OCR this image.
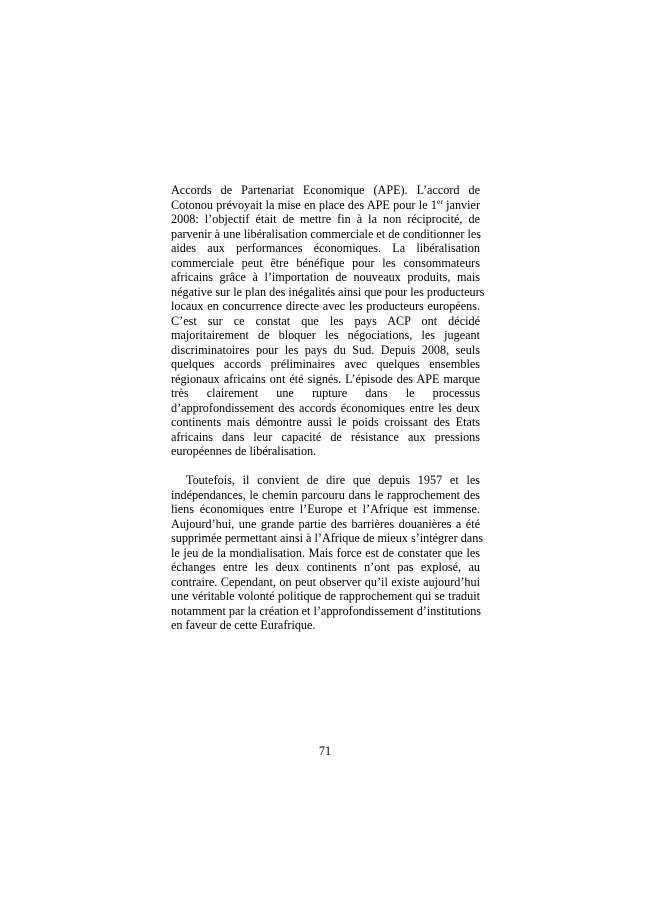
Accords de Partenariat Economique (APE). L’accord de
Cotonou prévoyait la mise en place des APE pour le 1er janvier
2008: l’objectif était de mettre fin à la non réciprocité, de
parvenir à une libéralisation commerciale et de conditionner les
aides aux performances économiques. La libéralisation
commerciale peut être bénéfique pour les consommateurs
africains grâce à l’importation de nouveaux produits, mais
négative sur le plan des inégalités ainsi que pour les producteurs
locaux en concurrence directe avec les producteurs européens.
C’est sur ce constat que les pays ACP ont décidé
majoritairement de bloquer les négociations, les jugeant
discriminatoires pour les pays du Sud. Depuis 2008, seuls
quelques accords préliminaires avec quelques ensembles
régionaux africains ont été signés. L’épisode des APE marque
très clairement une rupture dans le processus
d’approfondissement des accords économiques entre les deux
continents mais démontre aussi le poids croissant des Etats
africains dans leur capacité de résistance aux pressions
européennes de libéralisation.
Toutefois, il convient de dire que depuis 1957 et les
indépendances, le chemin parcouru dans le rapprochement des
liens économiques entre l’Europe et l’Afrique est immense.
Aujourd’hui, une grande partie des barrières douanières a été
supprimée permettant ainsi à l’Afrique de mieux s’intégrer dans
le jeu de la mondialisation. Mais force est de constater que les
échanges entre les deux continents n’ont pas explosé, au
contraire. Cependant, on peut observer qu’il existe aujourd’hui
une véritable volonté politique de rapprochement qui se traduit
notamment par la création et l’approfondissement d’institutions
en faveur de cette Eurafrique.
71
